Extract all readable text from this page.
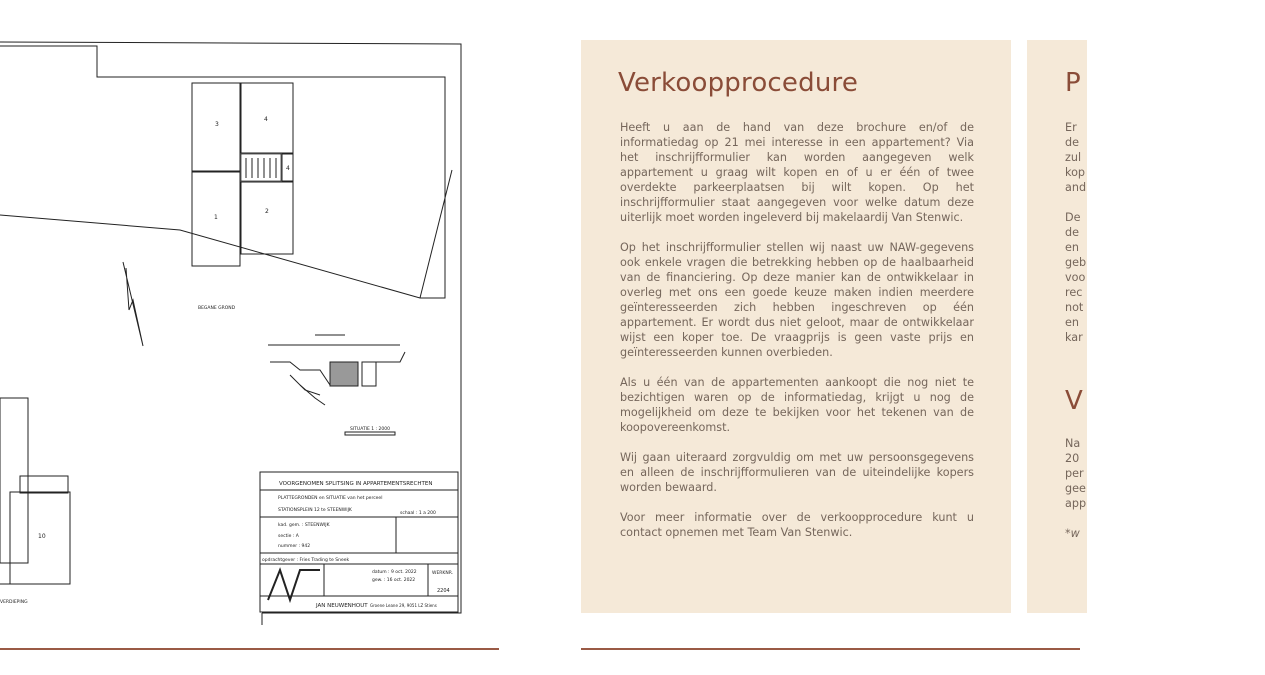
3
4
4
1
2
10
BEGANE GROND
VERDIEPING
SITUATIE 1 : 2000
VOORGENOMEN SPLITSING IN APPARTEMENTSRECHTEN
PLATTEGRONDEN en SITUATIE van het perceel
STATIONSPLEIN 12 te STEENWIJK
schaal : 1 a 200
kad. gem. : STEENWIJK
sectie : A
nummer : 942
opdrachtgever : Fries Trading te Sneek
datum : 9 oct. 2022
gew. : 16 oct. 2022
WERKNR.
2204
JAN NEUWENHOUT Groene Leane 29, 9051 LZ Stiens
Verkoopprocedure

Heeft u aan de hand van deze brochure en/of de informatiedag op 21 mei interesse in een appartement? Via het inschrijfformulier kan worden aangegeven welk appartement u graag wilt kopen en of u er één of twee overdekte parkeerplaatsen bij wilt kopen. Op het inschrijfformulier staat aangegeven voor welke datum deze uiterlijk moet worden ingeleverd bij makelaardij Van Stenwic.

Op het inschrijfformulier stellen wij naast uw NAW-gegevens ook enkele vragen die betrekking hebben op de haalbaarheid van de financiering. Op deze manier kan de ontwikkelaar in overleg met ons een goede keuze maken indien meerdere geïnteresseerden zich hebben ingeschreven op één appartement. Er wordt dus niet geloot, maar de ontwikkelaar wijst een koper toe. De vraagprijs is geen vaste prijs en geïnteresseerden kunnen overbieden.

Als u één van de appartementen aankoopt die nog niet te bezichtigen waren op de informatiedag, krijgt u nog de mogelijkheid om deze te bekijken voor het tekenen van de koopovereenkomst.

Wij gaan uiteraard zorgvuldig om met uw persoonsgegevens en alleen de inschrijfformulieren van de uiteindelijke kopers worden bewaard.

Voor meer informatie over de verkoopprocedure kunt u contact opnemen met Team Van Stenwic.

P
Er
de
zul
kop
and
De
de
en
geb
voo
rec
not
en
kar
V
Na
20
per
gee
app
*w
